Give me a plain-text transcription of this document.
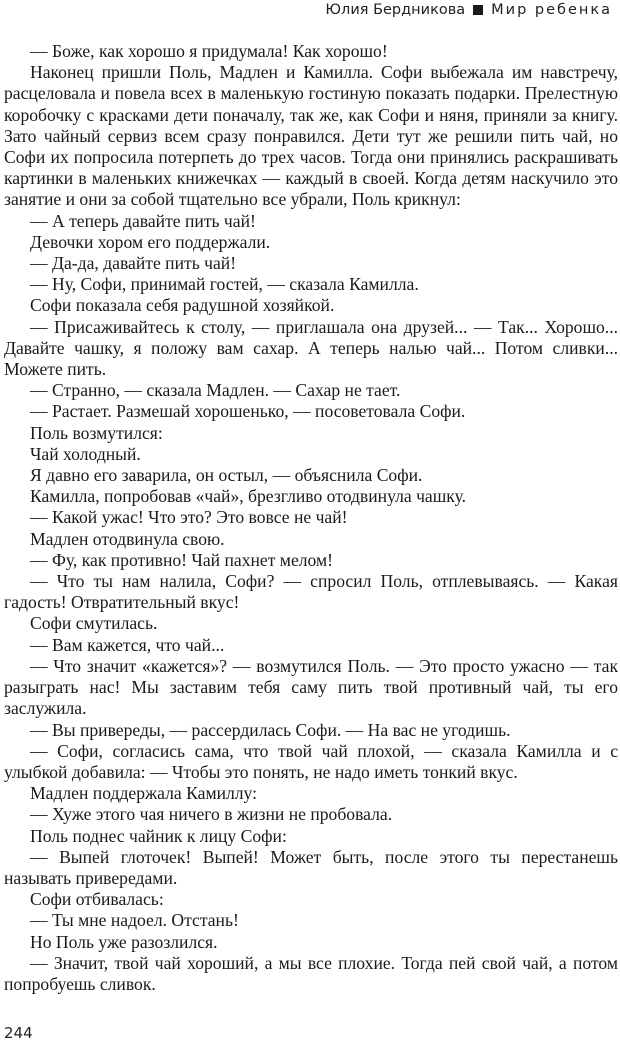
Юлия Бердникова Мир ребенка

— Боже, как хорошо я придумала! Как хорошо!

Наконец пришли Поль, Мадлен и Камилла. Софи выбежала им навстречу, расцеловала и повела всех в маленькую гостиную показать подарки. Прелестную коробочку с красками дети поначалу, так же, как Софи и няня, приняли за книгу. Зато чайный сервиз всем сразу понравился. Дети тут же решили пить чай, но Софи их попросила потерпеть до трех часов. Тогда они принялись раскрашивать картинки в маленьких книжечках — каждый в своей. Когда детям наскучило это занятие и они за собой тщательно все убрали, Поль крикнул:

— А теперь давайте пить чай!

Девочки хором его поддержали.

— Да-да, давайте пить чай!

— Ну, Софи, принимай гостей, — сказала Камилла.

Софи показала себя радушной хозяйкой.

— Присаживайтесь к столу, — приглашала она друзей... — Так... Хорошо... Давайте чашку, я положу вам сахар. А теперь налью чай... Потом сливки... Можете пить.

— Странно, — сказала Мадлен. — Сахар не тает.

— Растает. Размешай хорошенько, — посоветовала Софи.

Поль возмутился:

Чай холодный.

Я давно его заварила, он остыл, — объяснила Софи.

Камилла, попробовав «чай», брезгливо отодвинула чашку.

— Какой ужас! Что это? Это вовсе не чай!

Мадлен отодвинула свою.

— Фу, как противно! Чай пахнет мелом!

— Что ты нам налила, Софи? — спросил Поль, отплевываясь. — Какая гадость! Отвратительный вкус!

Софи смутилась.

— Вам кажется, что чай...

— Что значит «кажется»? — возмутился Поль. — Это просто ужасно — так разыграть нас! Мы заставим тебя саму пить твой противный чай, ты его заслужила.

— Вы привереды, — рассердилась Софи. — На вас не угодишь.

— Софи, согласись сама, что твой чай плохой, — сказала Камилла и с улыбкой добавила: — Чтобы это понять, не надо иметь тонкий вкус.

Мадлен поддержала Камиллу:

— Хуже этого чая ничего в жизни не пробовала.

Поль поднес чайник к лицу Софи:

— Выпей глоточек! Выпей! Может быть, после этого ты перестанешь называть привередами.

Софи отбивалась:

— Ты мне надоел. Отстань!

Но Поль уже разозлился.

— Значит, твой чай хороший, а мы все плохие. Тогда пей свой чай, а потом попробуешь сливок.

244
